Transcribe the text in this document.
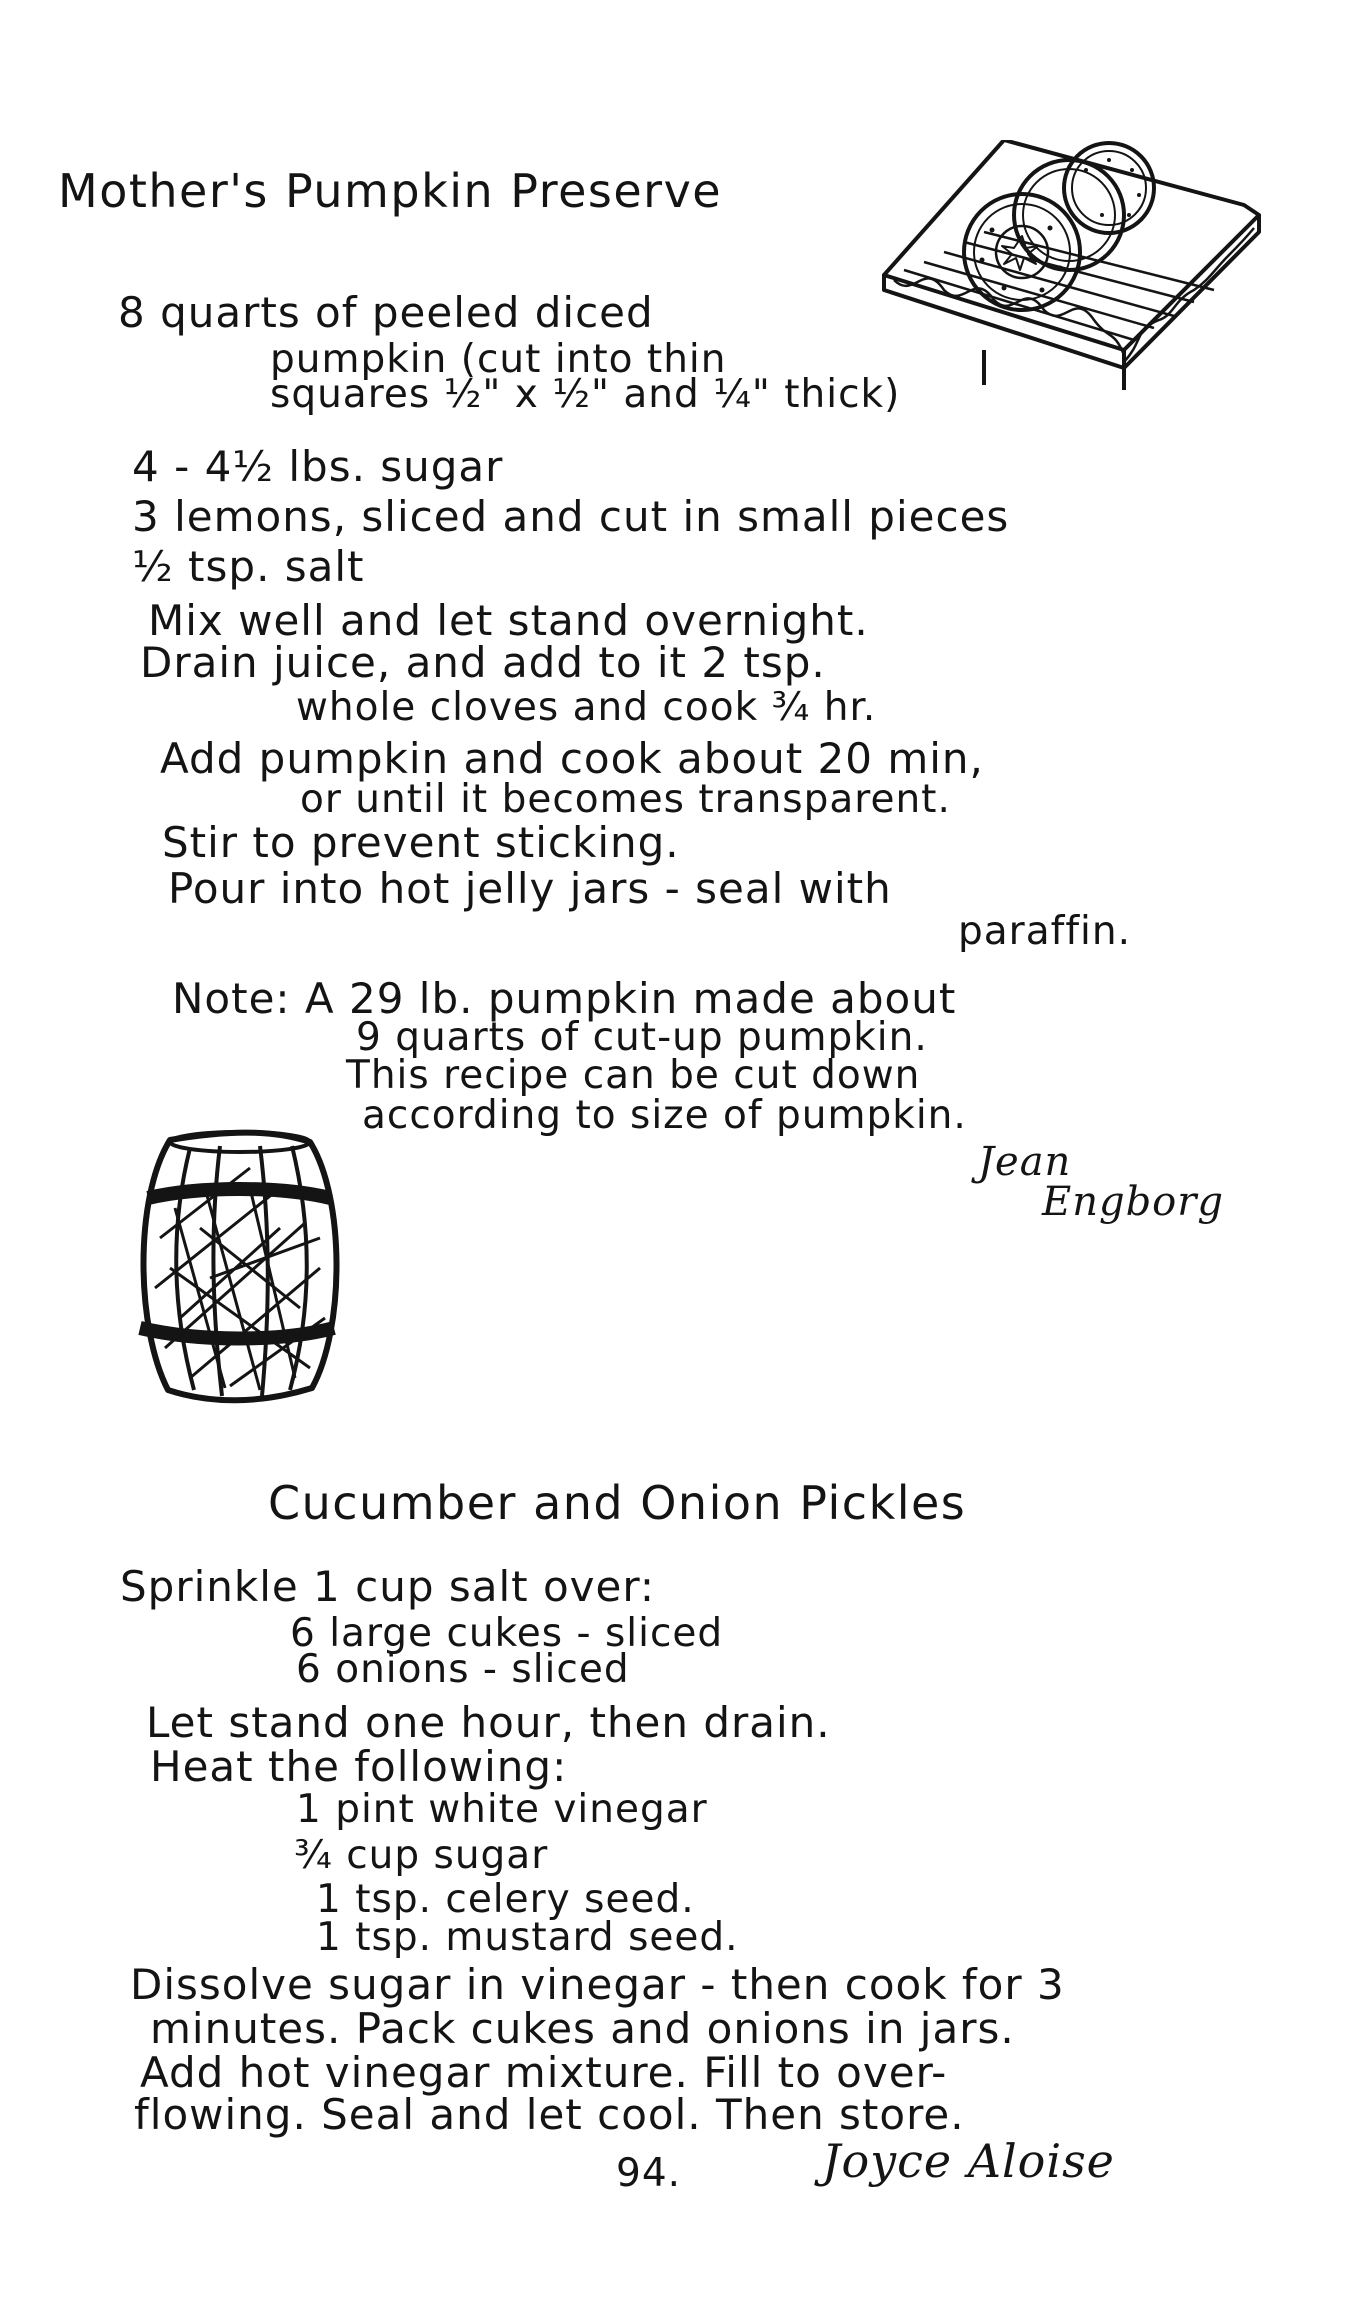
Mother's Pumpkin Preserve
8 quarts of peeled diced
pumpkin (cut into thin
squares ½" x ½" and ¼" thick)
4 - 4½ lbs. sugar
3 lemons, sliced and cut in small pieces
½ tsp. salt
Mix well and let stand overnight.
Drain juice, and add to it 2 tsp.
whole cloves and cook ¾ hr.
Add pumpkin and cook about 20 min,
or until it becomes transparent.
Stir to prevent sticking.
Pour into hot jelly jars - seal with
paraffin.
Note: A 29 lb. pumpkin made about
9 quarts of cut-up pumpkin.
This recipe can be cut down
according to size of pumpkin.
Jean
Engborg
Cucumber and Onion Pickles
Sprinkle 1 cup salt over:
6 large cukes - sliced
6 onions - sliced
Let stand one hour, then drain.
Heat the following:
1 pint white vinegar
¾ cup sugar
1 tsp. celery seed.
1 tsp. mustard seed.
Dissolve sugar in vinegar - then cook for 3
minutes. Pack cukes and onions in jars.
Add hot vinegar mixture. Fill to over-
flowing. Seal and let cool. Then store.
94.	Joyce Aloise
